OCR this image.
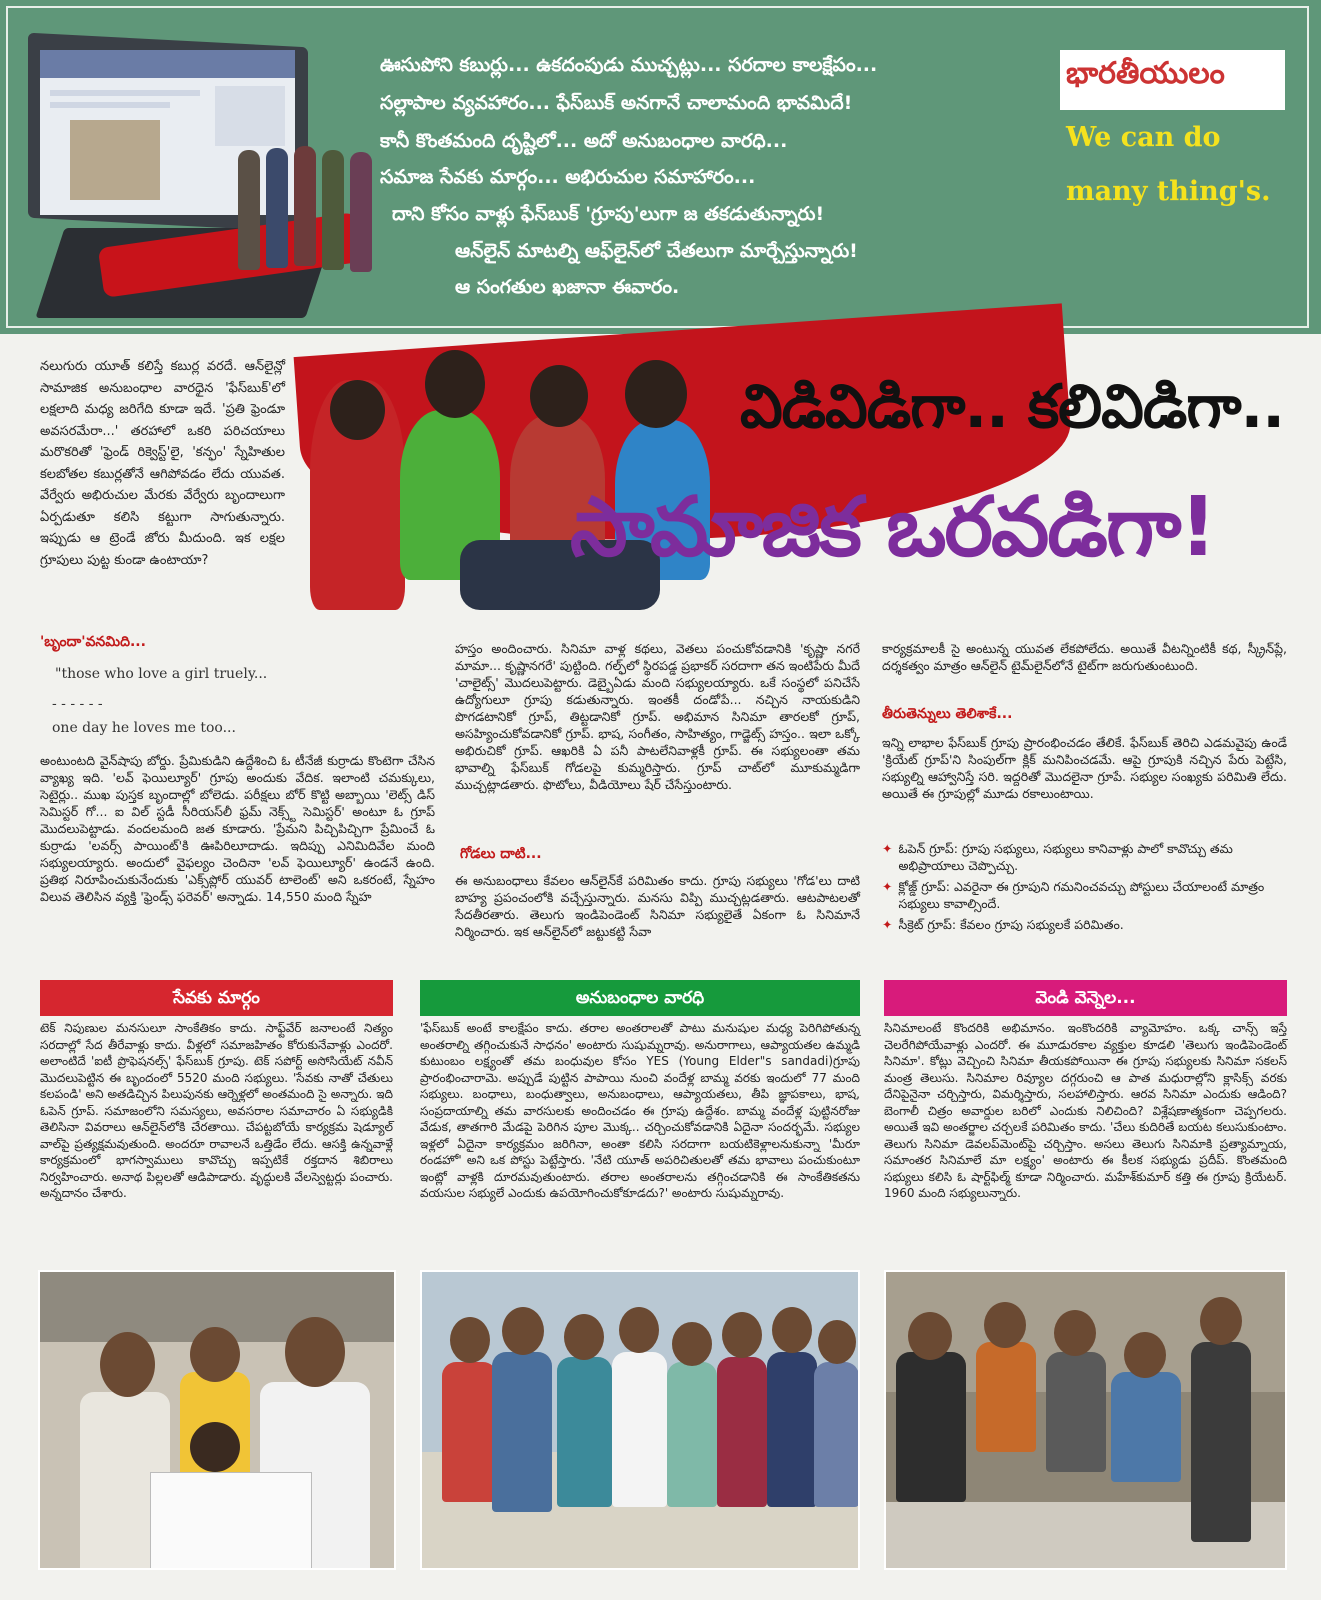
ఊసుపోని కబుర్లు... ఉకదంపుడు ముచ్చట్లు... సరదాల కాలక్షేపం...
సల్లాపాల వ్యవహారం... ఫేస్‌బుక్ అనగానే చాలామంది భావమిదే!
కానీ కొంతమంది దృష్టిలో... అదో అనుబంధాల వారధి...
సమాజ సేవకు మార్గం... అభిరుచుల సమాహారం...
దాని కోసం వాళ్లు ఫేస్‌బుక్ 'గ్రూపు'లుగా జ తకడుతున్నారు!
ఆన్‌లైన్ మాటల్ని ఆఫ్‌లైన్‌లో చేతలుగా మార్చేస్తున్నారు!
ఆ సంగతుల ఖజానా ఈవారం.
భారతీయులం
We can do
many thing's.
విడివిడిగా.. కలివిడిగా..
సామాజిక ఒరవడిగా!
నలుగురు యూత్ కలిస్తే కబుర్ల వరదే. ఆన్‌లైన్లో సామాజిక అనుబంధాల వారధైన 'ఫేస్‌బుక్'లో లక్షలాది మధ్య జరిగేది కూడా ఇదే. 'ప్రతి ఫ్రెండూ అవసరమేరా...' తరహాలో ఒకరి పరిచయాలు మరొకరితో 'ఫ్రెండ్ రిక్వెస్ట్'లై, 'కన్ఫం' స్నేహితుల కలబోతల కబుర్లతోనే ఆగిపోవడం లేదు యువత. వేర్వేరు అభిరుచుల మేరకు వేర్వేరు బృందాలుగా ఏర్పడుతూ కలిసి కట్టుగా సాగుతున్నారు. ఇప్పుడు ఆ ట్రెండే జోరు మీదుంది. ఇక లక్షల గ్రూపులు పుట్ట కుండా ఉంటాయా?
'బృందా'వనమిది...
"those who love a girl truely...
- - - - - -
one day he loves me too...
అంటుంటది వైన్‌షాపు బోర్డు. ప్రేమికుడిని ఉద్దేశించి ఓ టీనేజీ కుర్రాడు కొంటెగా చేసిన వ్యాఖ్య ఇది. 'లవ్ ఫెయిల్యూర్' గ్రూపు అందుకు వేదిక. ఇలాంటి చమక్కులు, సెటైర్లు.. ముఖ పుస్తక బృందాల్లో బోలెడు. పరీక్షలు బోర్ కొట్టి అబ్బాయి 'లెట్స్ డిస్ సెమిస్టర్ గో... ఐ విల్ స్టడీ సీరియస్‌లీ ఫ్రమ్ నెక్స్ట్ సెమిస్టర్' అంటూ ఓ గ్రూప్ మొదలుపెట్టాడు. వందలమంది జత కూడారు. 'ప్రేమని పిచ్చిపిచ్చిగా ప్రేమించే ఓ కుర్రాడు 'లవర్స్ పాయింట్'కి ఊపిరిలూదాడు. ఇదిప్పు ఎనిమిదివేల మంది సభ్యులయ్యారు. అందులో వైఫల్యం చెందినా 'లవ్ ఫెయిల్యూర్' ఉండనే ఉంది. ప్రతిభ నిరూపించుకునేందుకు 'ఎక్స్‌ప్లోర్ యువర్ టాలెంట్' అని ఒకరంటే, స్నేహం విలువ తెలిసిన వ్యక్తి 'ఫ్రెండ్స్ ఫరెవర్' అన్నాడు. 14,550 మంది స్నేహ
హస్తం అందించారు. సినిమా వాళ్ల కథలు, వెతలు పంచుకోవడానికి 'కృష్ణా నగరే మామా... కృష్ణానగరే' పుట్టింది. గల్ఫ్‌లో స్థిరపడ్డ ప్రభాకర్ సరదాగా తన ఇంటిపేరు మీదే 'చాలైట్స్' మొదలుపెట్టారు. డెబ్బైఏడు మంది సభ్యులయ్యారు. ఒకే సంస్థలో పనిచేసే ఉద్యోగులూ గ్రూపు కడుతున్నారు. ఇంతకీ దండోపే... నచ్చిన నాయకుడిని పొగడటానికో గ్రూప్, తిట్టడానికో గ్రూప్. అభిమాన సినిమా తారలకో గ్రూప్, అసహ్యించుకోవడానికో గ్రూప్. భాష, సంగీతం, సాహిత్యం, గాడ్జెట్స్ హస్తం.. ఇలా ఒక్కో అభిరుచికో గ్రూప్. ఆఖరికి ఏ పనీ పాటలేనివాళ్లకీ గ్రూప్. ఈ సభ్యులంతా తమ భావాల్ని ఫేస్‌బుక్ గోడలపై కుమ్మరిస్తారు. గ్రూప్ చాట్‌లో మూకుమ్మడిగా ముచ్చట్లాడతారు. ఫొటోలు, వీడియోలు షేర్ చేసేస్తుంటారు.
గోడలు దాటి...
ఈ అనుబంధాలు కేవలం ఆన్‌లైన్‌కే పరిమితం కాదు. గ్రూపు సభ్యులు 'గోడ'లు దాటి బాహ్య ప్రపంచంలోకి వచ్చేస్తున్నారు. మనసు విప్పి ముచ్చట్లడతారు. ఆటపాటలతో సేదతీరతారు. తెలుగు ఇండిపెండెంట్ సినిమా సభ్యులైతే ఏకంగా ఓ సినిమానే నిర్మించారు. ఇక ఆన్‌లైన్‌లో జట్టుకట్టి సేవా
కార్యక్రమాలకీ సై అంటున్న యువత లేకపోలేదు. అయితే వీటన్నింటికీ కథ, స్క్రీన్‌ప్లే, దర్శకత్వం మాత్రం ఆన్‌లైన్ టైమ్‌లైన్‌లోనే టైట్‌గా జరుగుతుంటుంది.
తీరుతెన్నులు తెలిశాకే...
ఇన్ని లాభాల ఫేస్‌బుక్ గ్రూపు ప్రారంభించడం తేలికే. ఫేస్‌బుక్ తెరిచి ఎడమవైపు ఉండే 'క్రియేట్ గ్రూప్'ని సింపుల్‌గా క్లిక్ మనిపించడమే. ఆపై గ్రూపుకి నచ్చిన పేరు పెట్టేసి, సభ్యుల్ని ఆహ్వానిస్తే సరి. ఇద్దరితో మొదలైనా గ్రూపే. సభ్యుల సంఖ్యకు పరిమితి లేదు. అయితే ఈ గ్రూపుల్లో మూడు రకాలుంటాయి.
✦ ఓపెన్ గ్రూప్: గ్రూపు సభ్యులు, సభ్యులు కానివాళ్లు పాలో కావొచ్చు తమ అభిప్రాయాలు చెప్పొచ్చు.
✦ క్లోజ్డ్ గ్రూప్: ఎవరైనా ఈ గ్రూపుని గమనించవచ్చు పోస్టులు చేయాలంటే మాత్రం సభ్యులు కావాల్సిందే.
✦ సీక్రెట్ గ్రూప్: కేవలం గ్రూపు సభ్యులకే పరిమితం.
సేవకు మార్గం
టెక్ నిపుణుల మనసులూ సాంకేతికం కాదు. సాఫ్ట్‌వేర్ జనాలంటే నిత్యం సరదాల్లో సేద తీరేవాళ్లు కాదు. వీళ్లలో సమాజహితం కోరుకునేవాళ్లు ఎందరో. అలాంటిదే 'ఐటీ ప్రొఫెషనల్స్' ఫేస్‌బుక్ గ్రూపు. టెక్ సపోర్ట్ అసోసియేట్ నవీన్ మొదలుపెట్టిన ఈ బృందంలో 5520 మంది సభ్యులు. 'సేవకు నాతో చేతులు కలపండి' అని అతడిచ్చిన పిలుపునకు ఆర్నెళ్లలో అంతమంది సై అన్నారు. ఇది ఓపెన్ గ్రూప్. సమాజంలోని సమస్యలు, అవసరాల సమాచారం ఏ సభ్యుడికి తెలిసినా వివరాలు ఆన్‌లైన్‌లోకి చేరతాయి. చేపట్టబోయే కార్యక్రమ షెడ్యూల్ వాల్‌పై ప్రత్యక్షమవుతుంది. అందరూ రావాలనే ఒత్తిడేం లేదు. ఆసక్తి ఉన్నవాళ్లే కార్యక్రమంలో భాగస్వాములు కావొచ్చు ఇప్పటికే రక్తదాన శిబిరాలు నిర్వహించారు. అనాథ పిల్లలతో ఆడిపాడారు. వృద్ధులకి వేలస్వెట్టర్లు పంచారు. అన్నదానం చేశారు.
అనుబంధాల వారధి
'ఫేస్‌బుక్ అంటే కాలక్షేపం కాదు. తరాల అంతరాలతో పాటు మనుషుల మధ్య పెరిగిపోతున్న అంతరాల్ని తగ్గించుకునే సాధనం' అంటారు సుషుమ్నరావు. అనురాగాలు, ఆప్యాయతల ఉమ్మడి కుటుంబం లక్ష్యంతో తమ బంధువుల కోసం YES (Young Elder"s sandadi)గ్రూపు ప్రారంభించారామె. అప్పుడే పుట్టిన పాపాయి నుంచి వందేళ్ల బామ్మ వరకు ఇందులో 77 మంది సభ్యులు. బంధాలు, బంధుత్వాలు, అనుబంధాలు, ఆప్యాయతలు, తీపి జ్ఞాపకాలు, భాష, సంప్రదాయాల్ని తమ వారసులకు అందించడం ఈ గ్రూపు ఉద్దేశం. బామ్మ వందేళ్ల పుట్టినరోజు వేడుక, తాతగారి మేడపై పెరిగిన పూల మొక్క.. చర్చించుకోవడానికి ఏదైనా సందర్భమే. సభ్యుల ఇళ్లలో ఏదైనా కార్యక్రమం జరిగినా, అంతా కలిసి సరదాగా బయటికెళ్లాలనుకున్నా 'మీరూ రండహో' అని ఒక పోస్టు పెట్టేస్తారు. 'నేటి యూత్ అపరిచితులతో తమ భావాలు పంచుకుంటూ ఇంట్లో వాళ్లకి దూరమవుతుంటారు. తరాల అంతరాలను తగ్గించడానికి ఈ సాంకేతికతను వయసుల సభ్యులే ఎందుకు ఉపయోగించుకోకూడదు?' అంటారు సుషుమ్నరావు.
వెండి వెన్నెల...
సినిమాలంటే కొందరికి అభిమానం. ఇంకొందరికి వ్యామోహం. ఒక్క చాన్స్ ఇస్తే చెలరేగిపోయేవాళ్లు ఎందరో. ఈ మూడురకాల వ్యక్తుల కూడలి 'తెలుగు ఇండిపెండెంట్ సినిమా'. కోట్లు వెచ్చించి సినిమా తీయకపోయినా ఈ గ్రూపు సభ్యులకు సినిమా సకలస్ మంత్ర తెలుసు. సినిమాల రివ్యూల దగ్గరుంచి ఆ పాత మధురాల్లోని క్లాసిక్స్ వరకు దేనిపైనైనా చర్చిస్తారు, విమర్శిస్తారు, సలహాలిస్తారు. ఆరవ సినిమా ఎందుకు ఆడింది? బెంగాలీ చిత్రం అవార్డుల బరిలో ఎందుకు నిలిచింది? విశ్లేషణాత్మకంగా చెప్పగలరు. అయితే ఇవి అంతర్జాల చర్చలకే పరిమితం కాదు. 'చేలు కుదిరితే బయట కలుసుకుంటాం. తెలుగు సినిమా డెవలప్‌మెంట్‌పై చర్చిస్తాం. అసలు తెలుగు సినిమాకి ప్రత్యామ్నాయ, సమాంతర సినిమాలే మా లక్ష్యం' అంటారు ఈ కీలక సభ్యుడు ప్రదీప్. కొంతమంది సభ్యులు కలిసి ఓ షార్ట్‌ఫిల్మ్ కూడా నిర్మించారు. మహేశ్‌కుమార్ కత్తి ఈ గ్రూపు క్రియేటర్. 1960 మంది సభ్యులున్నారు.
